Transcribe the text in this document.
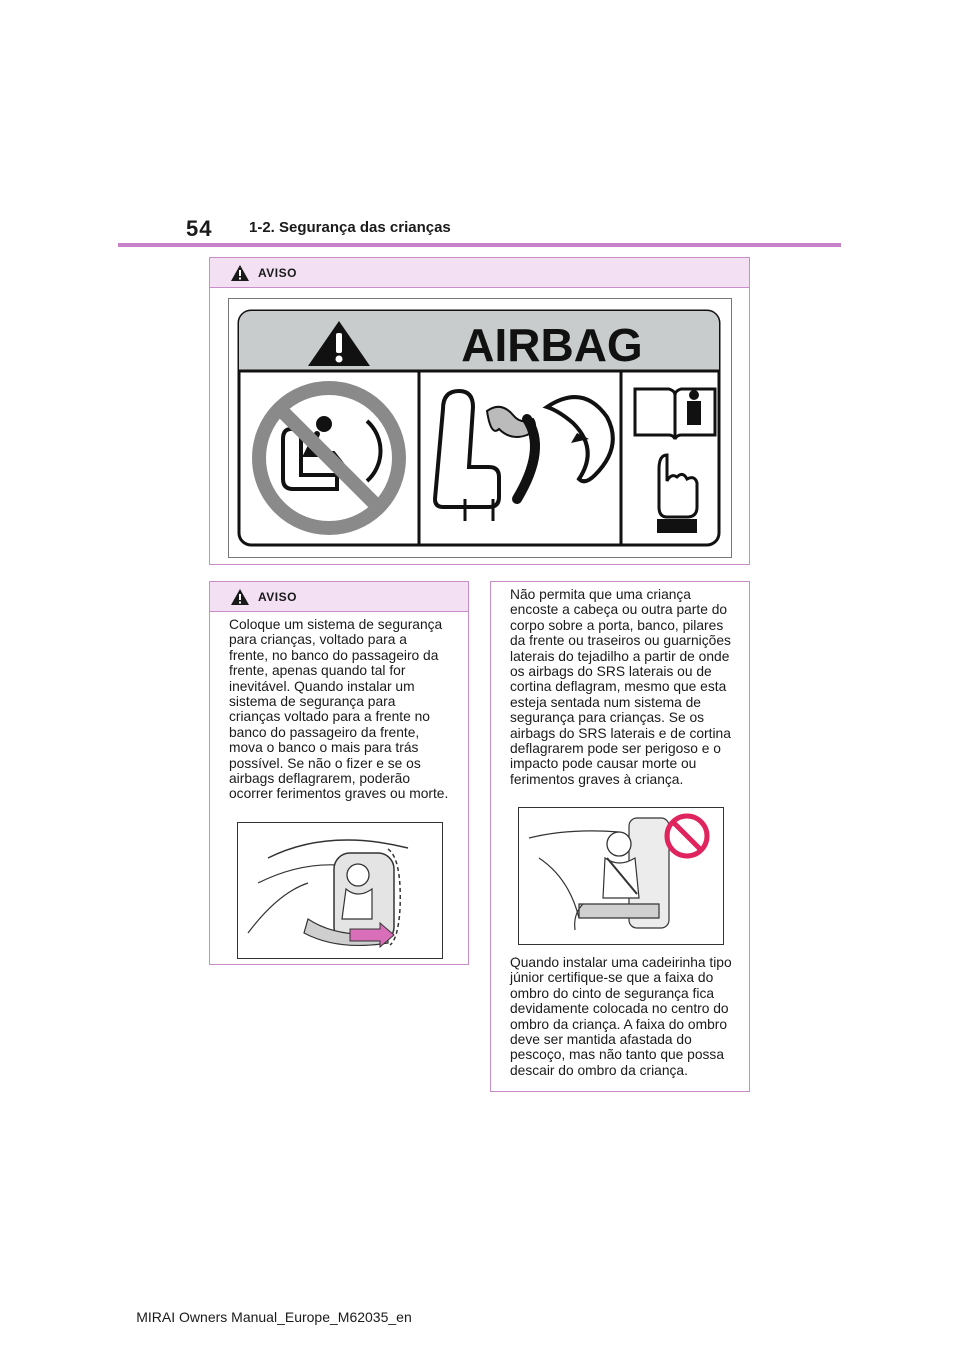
54 1-2. Segurança das crianças
AVISO
AIRBAG
AVISO
Coloque um sistema de segurança
para crianças, voltado para a
frente, no banco do passageiro da
frente, apenas quando tal for
inevitável. Quando instalar um
sistema de segurança para
crianças voltado para a frente no
banco do passageiro da frente,
mova o banco o mais para trás
possível. Se não o fizer e se os
airbags deflagrarem, poderão
ocorrer ferimentos graves ou morte.
Não permita que uma criança
encoste a cabeça ou outra parte do
corpo sobre a porta, banco, pilares
da frente ou traseiros ou guarnições
laterais do tejadilho a partir de onde
os airbags do SRS laterais ou de
cortina deflagram, mesmo que esta
esteja sentada num sistema de
segurança para crianças. Se os
airbags do SRS laterais e de cortina
deflagrarem pode ser perigoso e o
impacto pode causar morte ou
ferimentos graves à criança.
Quando instalar uma cadeirinha tipo
júnior certifique-se que a faixa do
ombro do cinto de segurança fica
devidamente colocada no centro do
ombro da criança. A faixa do ombro
deve ser mantida afastada do
pescoço, mas não tanto que possa
descair do ombro da criança.
MIRAI Owners Manual_Europe_M62035_en
